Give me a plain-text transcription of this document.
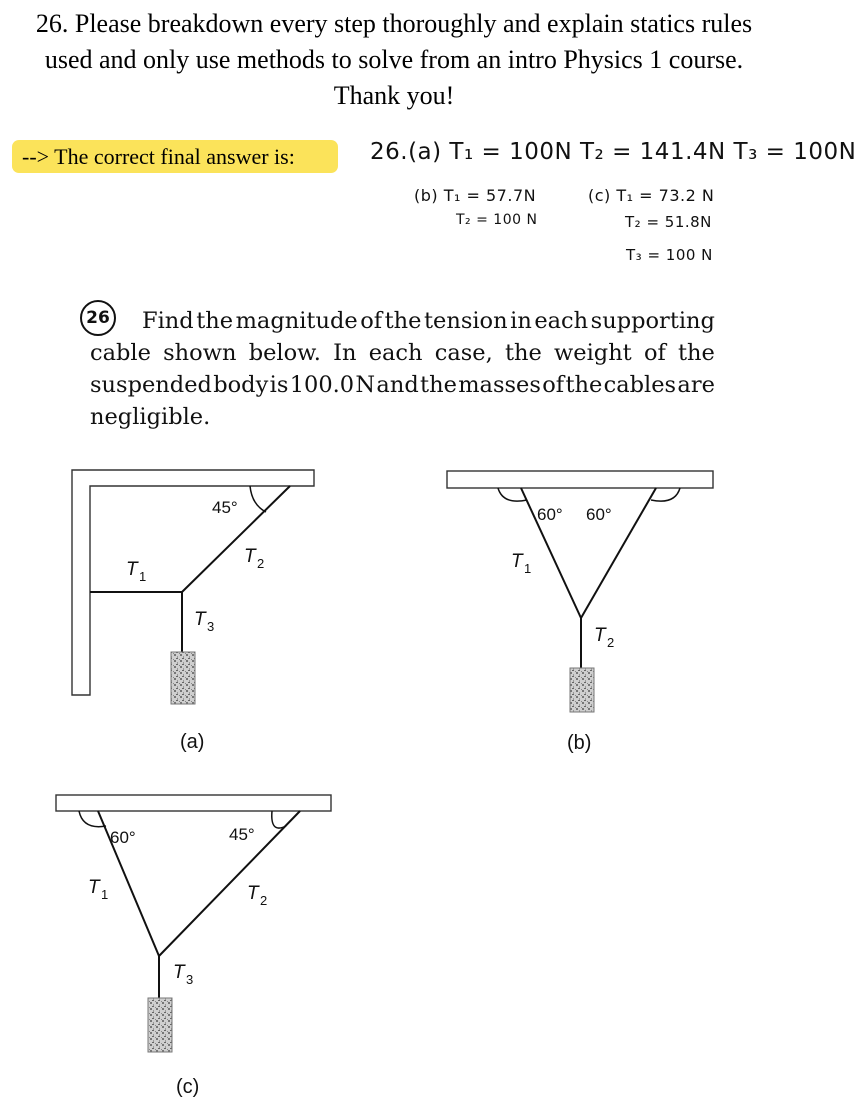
26. Please breakdown every step thoroughly and explain statics rules
used and only use methods to solve from an intro Physics 1 course.
Thank you!
--> The correct final answer is:	26.(a) T₁ = 100N T₂ = 141.4N T₃ = 100N
(b) T₁ = 57.7N	(c) T₁ = 73.2 N
T₂ = 100 N	T₂ = 51.8N
T₃ = 100 N
26 Find the magnitude of the tension in each supporting
cable shown below. In each case, the weight of the
suspended body is 100.0 N and the masses of the cables are
negligible.
45°
T 1
T 2
T 3
(a)
60° 60°
T 1
T 2
(b)
60°	45°
T 1	T 2
T 3
(c)
